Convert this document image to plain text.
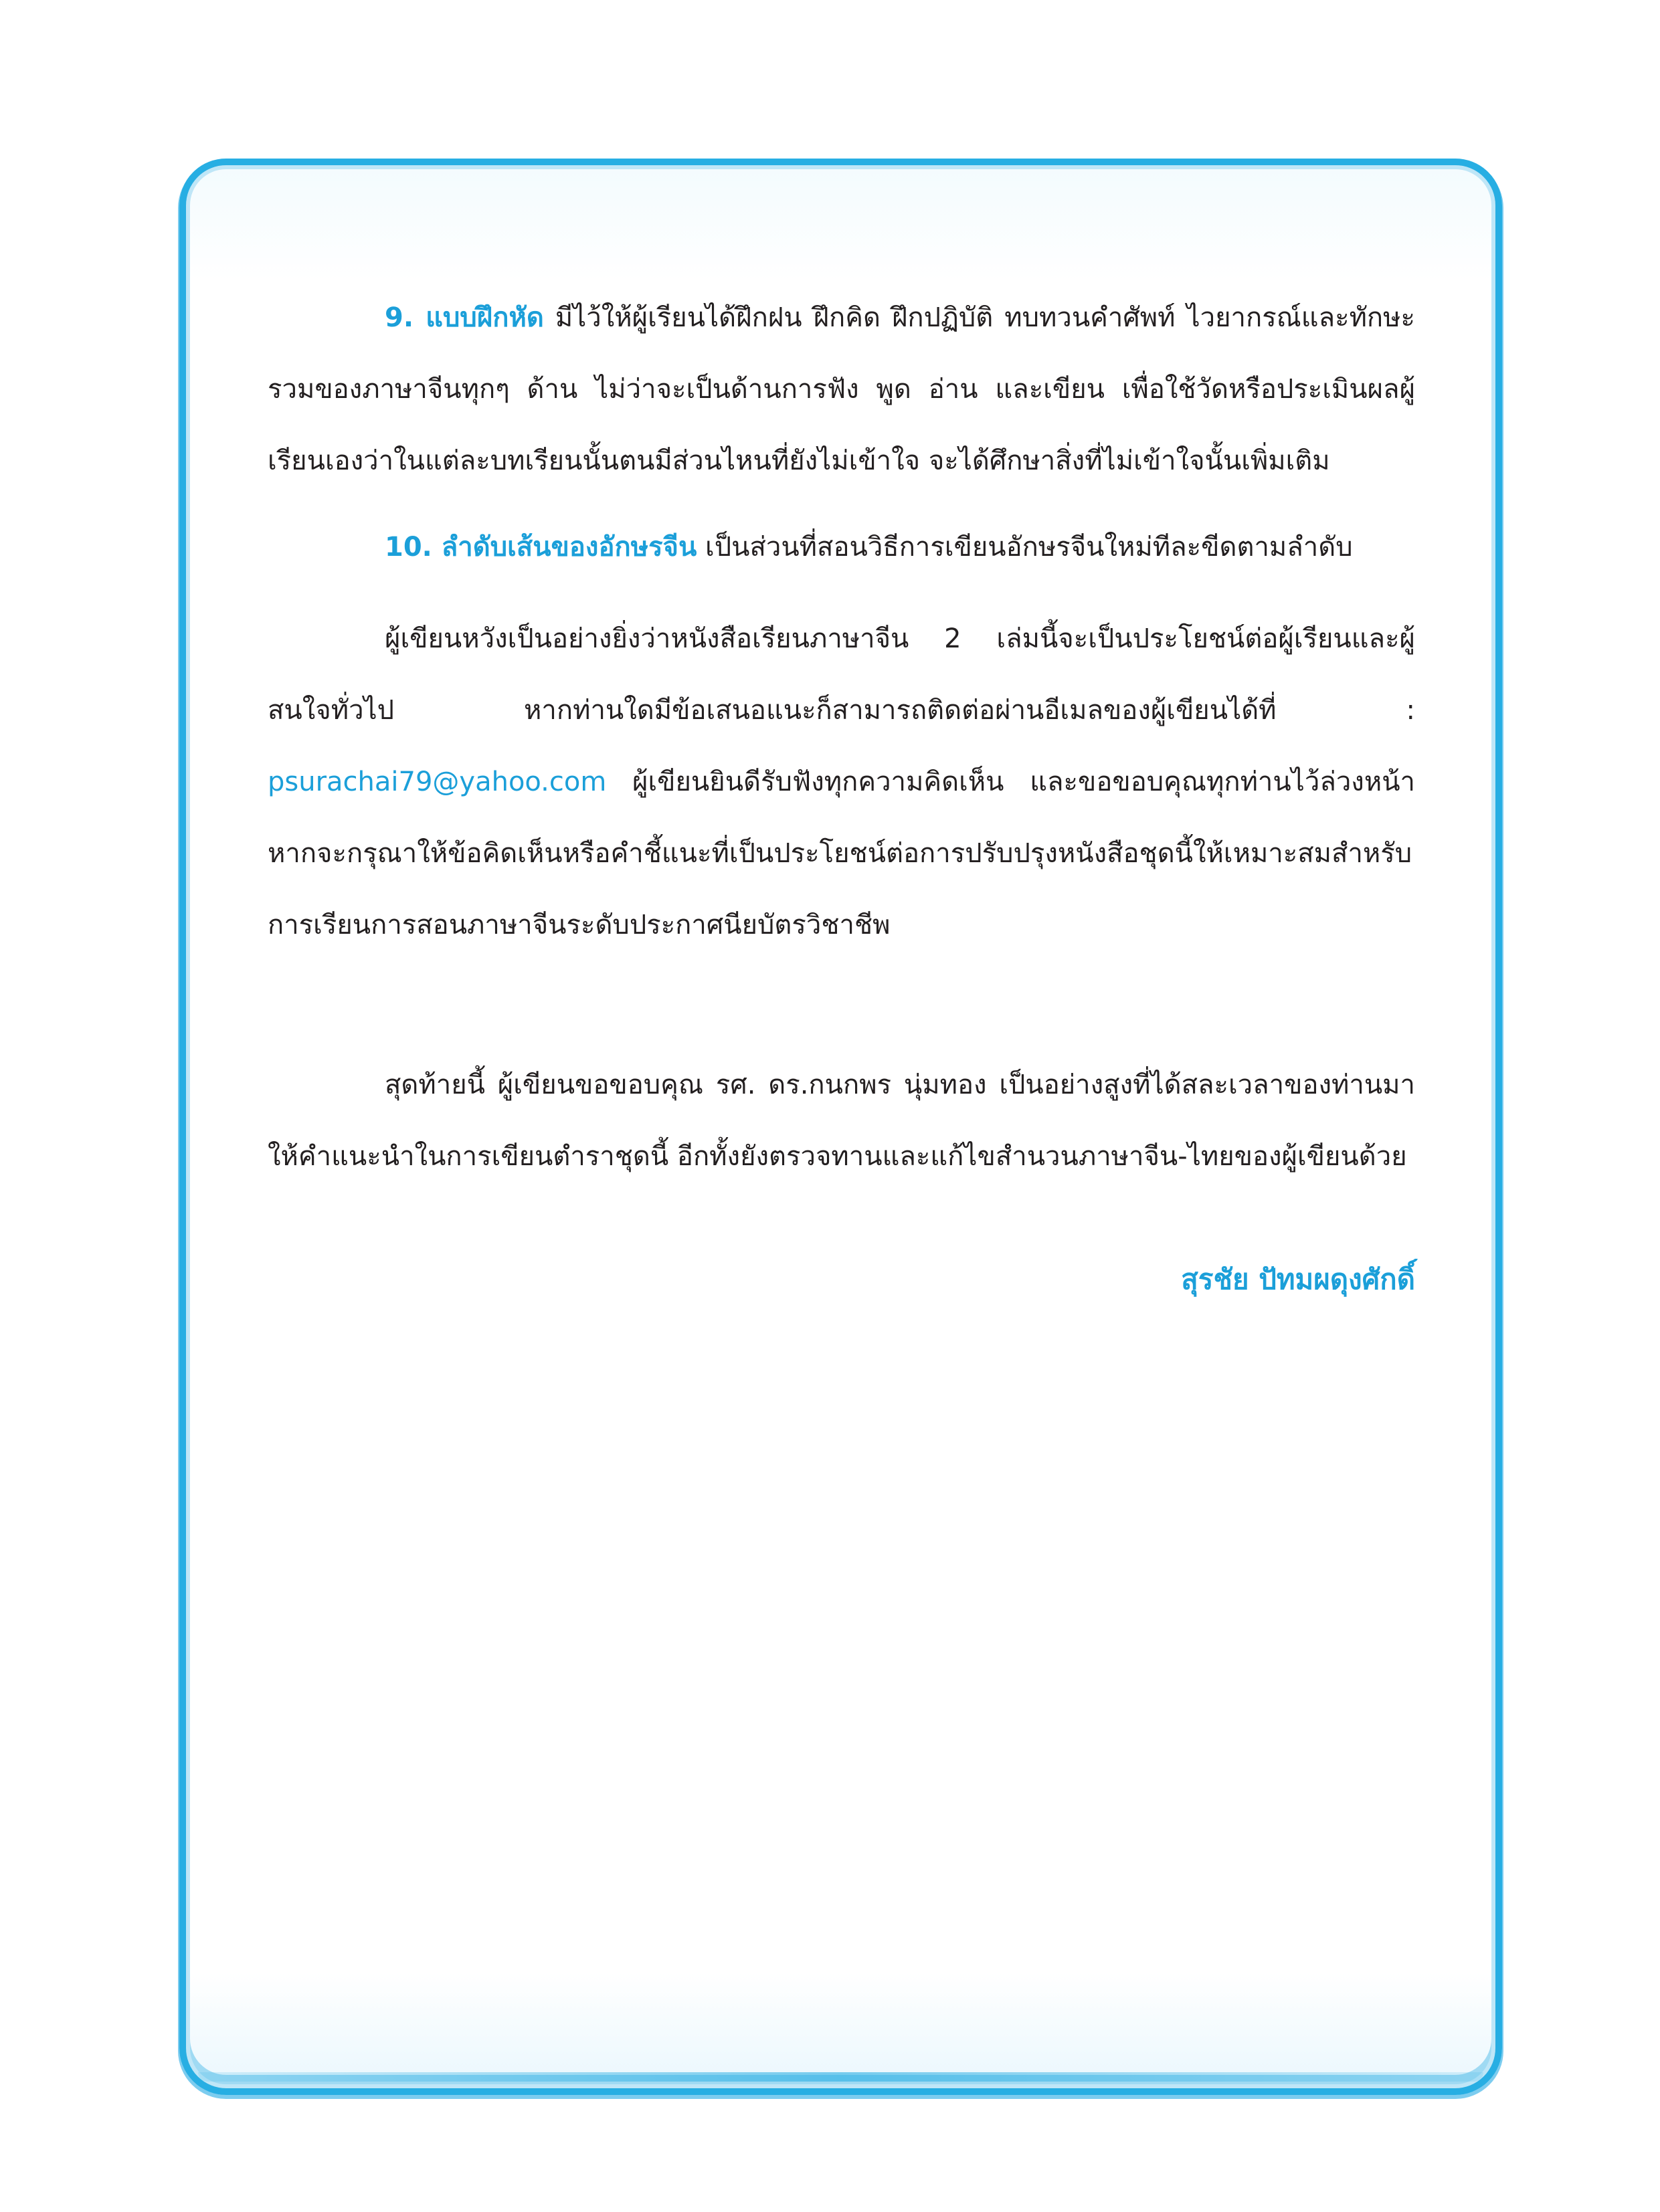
9. แบบฝึกหัด มีไว้ให้ผู้เรียนได้ฝึกฝน ฝึกคิด ฝึกปฏิบัติ ทบทวนคำศัพท์ ไวยากรณ์และทักษะรวมของภาษาจีนทุกๆ ด้าน ไม่ว่าจะเป็นด้านการฟัง พูด อ่าน และเขียน เพื่อใช้วัดหรือประเมินผลผู้เรียนเองว่าในแต่ละบทเรียนนั้นตนมีส่วนไหนที่ยังไม่เข้าใจ จะได้ศึกษาสิ่งที่ไม่เข้าใจนั้นเพิ่มเติม

10. ลำดับเส้นของอักษรจีน เป็นส่วนที่สอนวิธีการเขียนอักษรจีนใหม่ทีละขีดตามลำดับ

ผู้เขียนหวังเป็นอย่างยิ่งว่าหนังสือเรียนภาษาจีน 2 เล่มนี้จะเป็นประโยชน์ต่อผู้เรียนและผู้สนใจทั่วไป หากท่านใดมีข้อเสนอแนะก็สามารถติดต่อผ่านอีเมลของผู้เขียนได้ที่ : psurachai79@yahoo.com ผู้เขียนยินดีรับฟังทุกความคิดเห็น และขอขอบคุณทุกท่านไว้ล่วงหน้า หากจะกรุณาให้ข้อคิดเห็นหรือคำชี้แนะที่เป็นประโยชน์ต่อการปรับปรุงหนังสือชุดนี้ให้เหมาะสมสำหรับการเรียนการสอนภาษาจีนระดับประกาศนียบัตรวิชาชีพ

สุดท้ายนี้ ผู้เขียนขอขอบคุณ รศ. ดร.กนกพร นุ่มทอง เป็นอย่างสูงที่ได้สละเวลาของท่านมาให้คำแนะนำในการเขียนตำราชุดนี้ อีกทั้งยังตรวจทานและแก้ไขสำนวนภาษาจีน-ไทยของผู้เขียนด้วย

สุรชัย ปัทมผดุงศักดิ์
